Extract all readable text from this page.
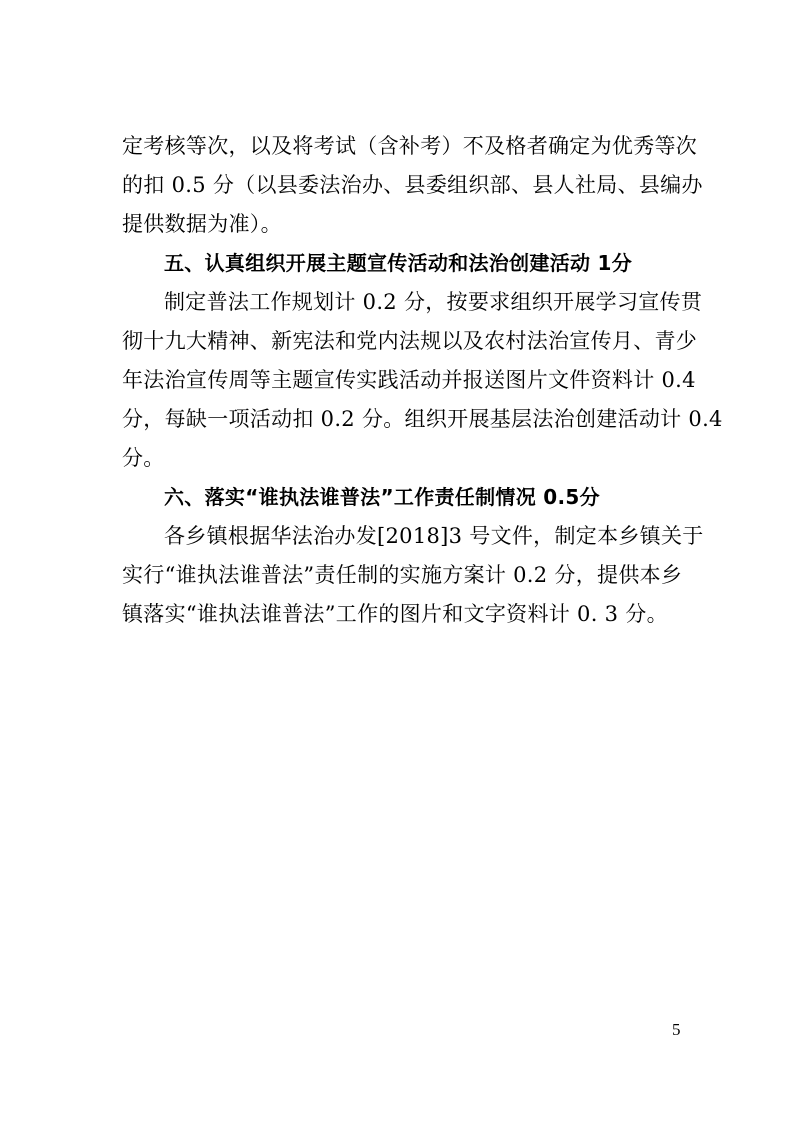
定考核等次，以及将考试（含补考）不及格者确定为优秀等次
的扣 0.5 分（以县委法治办、县委组织部、县人社局、县编办
提供数据为准）。
五、认真组织开展主题宣传活动和法治创建活动 1分
制定普法工作规划计 0.2 分，按要求组织开展学习宣传贯
彻十九大精神、新宪法和党内法规以及农村法治宣传月、青少
年法治宣传周等主题宣传实践活动并报送图片文件资料计 0.4
分，每缺一项活动扣 0.2 分。组织开展基层法治创建活动计 0.4
分。
六、落实“谁执法谁普法”工作责任制情况 0.5分
各乡镇根据华法治办发[2018]3 号文件，制定本乡镇关于
实行“谁执法谁普法”责任制的实施方案计 0.2 分，提供本乡
镇落实“谁执法谁普法”工作的图片和文字资料计 0. 3 分。
5
